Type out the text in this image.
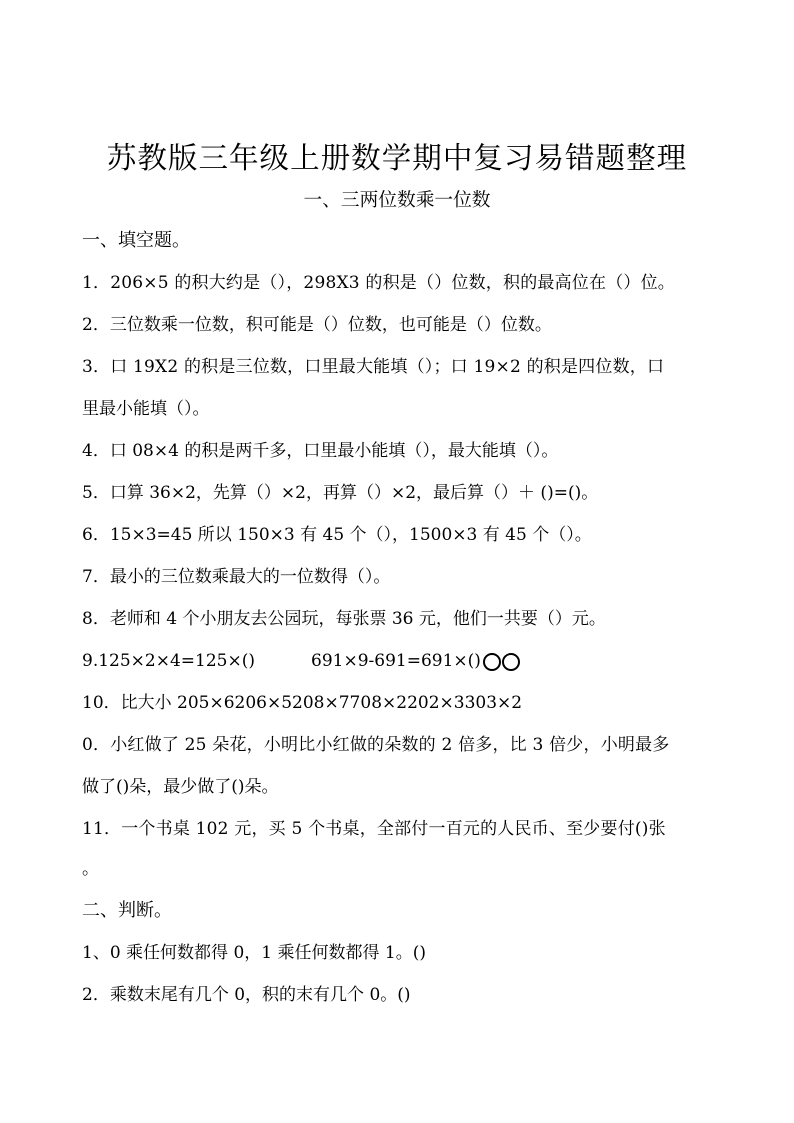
苏教版三年级上册数学期中复习易错题整理
一、三两位数乘一位数
一、填空题。
1．206×5 的积大约是（），298X3 的积是（）位数，积的最高位在（）位。
2．三位数乘一位数，积可能是（）位数，也可能是（）位数。
3．口 19X2 的积是三位数，口里最大能填（）；口 19×2 的积是四位数，口
里最小能填（）。
4．口 08×4 的积是两千多，口里最小能填（），最大能填（）。
5．口算 36×2，先算（）×2，再算（）×2，最后算（）＋ ()=()。
6．15×3=45 所以 150×3 有 45 个（），1500×3 有 45 个（）。
7．最小的三位数乘最大的一位数得（）。
8．老师和 4 个小朋友去公园玩，每张票 36 元，他们一共要（）元。
9.125×2×4=125×()	691×9-691=691×()
10．比大小 205×6206×5208×7708×2202×3303×2
0．小红做了 25 朵花，小明比小红做的朵数的 2 倍多，比 3 倍少，小明最多
做了()朵，最少做了()朵。
11．一个书桌 102 元，买 5 个书桌，全部付一百元的人民币、至少要付()张
。
二、判断。
1、0 乘任何数都得 0，1 乘任何数都得 1。()
2．乘数末尾有几个 0，积的末有几个 0。()
